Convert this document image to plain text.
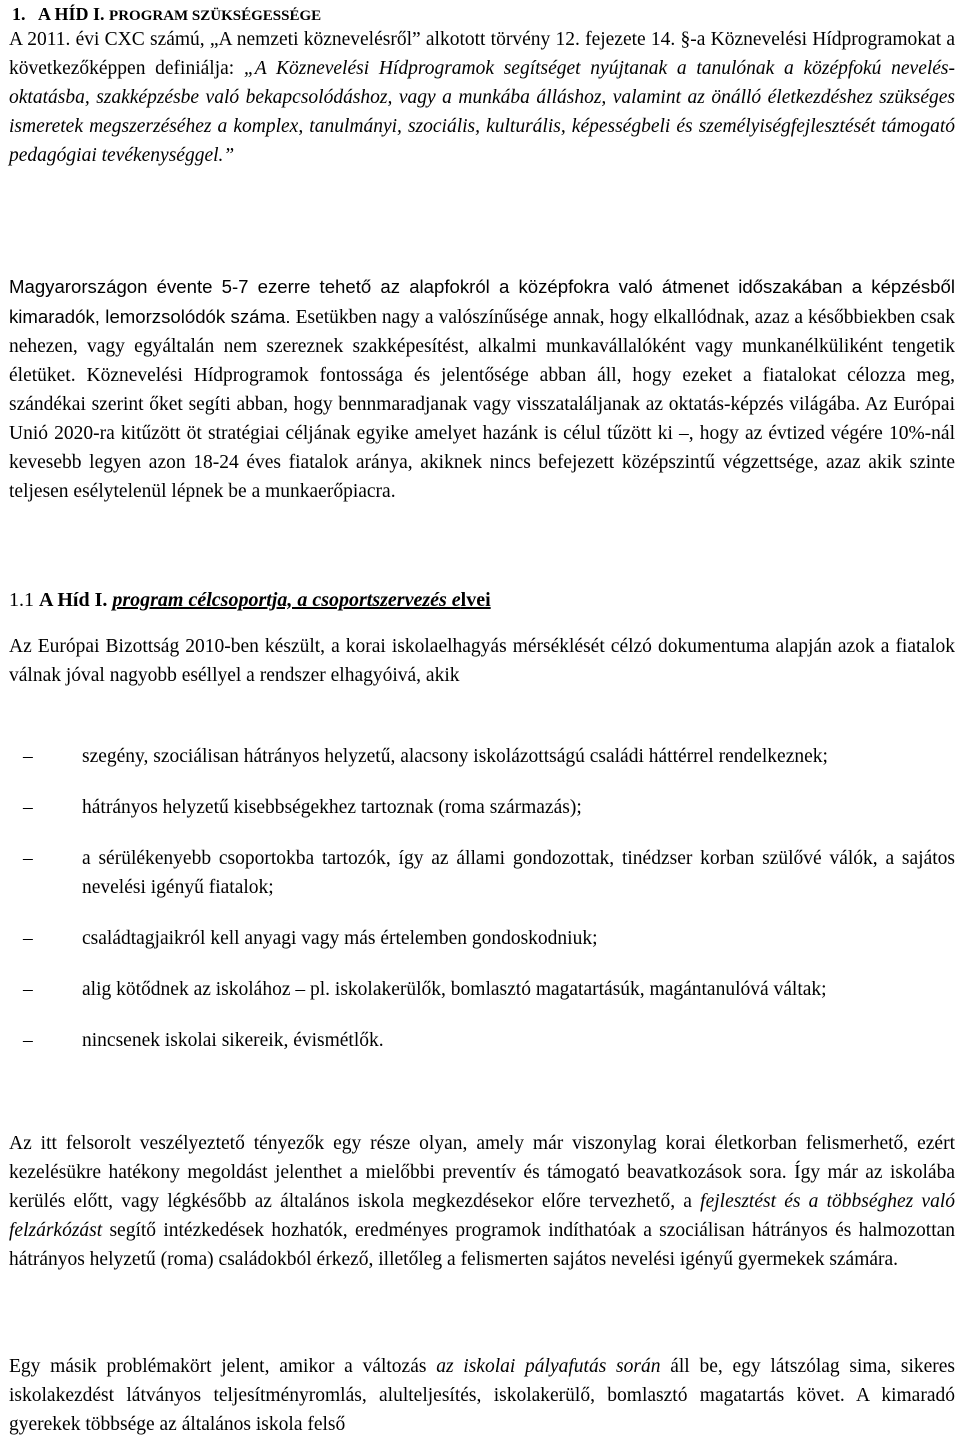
1. A HÍD I. PROGRAM SZÜKSÉGESSÉGE

A 2011. évi CXC számú, „A nemzeti köznevelésről” alkotott törvény 12. fejezete 14. §-a Köznevelési Hídprogramokat a következőképpen definiálja: „A Köznevelési Hídprogramok segítséget nyújtanak a tanulónak a középfokú nevelés-oktatásba, szakképzésbe való bekapcsolódáshoz, vagy a munkába álláshoz, valamint az önálló életkezdéshez szükséges ismeretek megszerzéséhez a komplex, tanulmányi, szociális, kulturális, képességbeli és személyiségfejlesztését támogató pedagógiai tevékenységgel.”

Magyarországon évente 5-7 ezerre tehető az alapfokról a középfokra való átmenet időszakában a képzésből kimaradók, lemorzsolódók száma. Esetükben nagy a valószínűsége annak, hogy elkallódnak, azaz a későbbiekben csak nehezen, vagy egyáltalán nem szereznek szakképesítést, alkalmi munkavállalóként vagy munkanélküliként tengetik életüket. Köznevelési Hídprogramok fontossága és jelentősége abban áll, hogy ezeket a fiatalokat célozza meg, szándékai szerint őket segíti abban, hogy bennmaradjanak vagy visszataláljanak az oktatás-képzés világába. Az Európai Unió 2020-ra kitűzött öt stratégiai céljának egyike amelyet hazánk is célul tűzött ki –, hogy az évtized végére 10%-nál kevesebb legyen azon 18-24 éves fiatalok aránya, akiknek nincs befejezett középszintű végzettsége, azaz akik szinte teljesen esélytelenül lépnek be a munkaerőpiacra.

1.1 A Híd I. program célcsoportja, a csoportszervezés elvei

Az Európai Bizottság 2010-ben készült, a korai iskolaelhagyás mérséklését célzó dokumentuma alapján azok a fiatalok válnak jóval nagyobb eséllyel a rendszer elhagyóivá, akik

–	szegény, szociálisan hátrányos helyzetű, alacsony iskolázottságú családi háttérrel rendelkeznek;
–	hátrányos helyzetű kisebbségekhez tartoznak (roma származás);
–	a sérülékenyebb csoportokba tartozók, így az állami gondozottak, tinédzser korban szülővé válók, a sajátos nevelési igényű fiatalok;
–	családtagjaikról kell anyagi vagy más értelemben gondoskodniuk;
–	alig kötődnek az iskolához – pl. iskolakerülők, bomlasztó magatartásúk, magántanulóvá váltak;
–	nincsenek iskolai sikereik, évismétlők.

Az itt felsorolt veszélyeztető tényezők egy része olyan, amely már viszonylag korai életkorban felismerhető, ezért kezelésükre hatékony megoldást jelenthet a mielőbbi preventív és támogató beavatkozások sora. Így már az iskolába kerülés előtt, vagy légkésőbb az általános iskola megkezdésekor előre tervezhető, a fejlesztést és a többséghez való felzárkózást segítő intézkedések hozhatók, eredményes programok indíthatóak a szociálisan hátrányos és halmozottan hátrányos helyzetű (roma) családokból érkező, illetőleg a felismerten sajátos nevelési igényű gyermekek számára.

Egy másik problémakört jelent, amikor a változás az iskolai pályafutás során áll be, egy látszólag sima, sikeres iskolakezdést látványos teljesítményromlás, alulteljesítés, iskolakerülő, bomlasztó magatartás követ. A kimaradó gyerekek többsége az általános iskola felső
